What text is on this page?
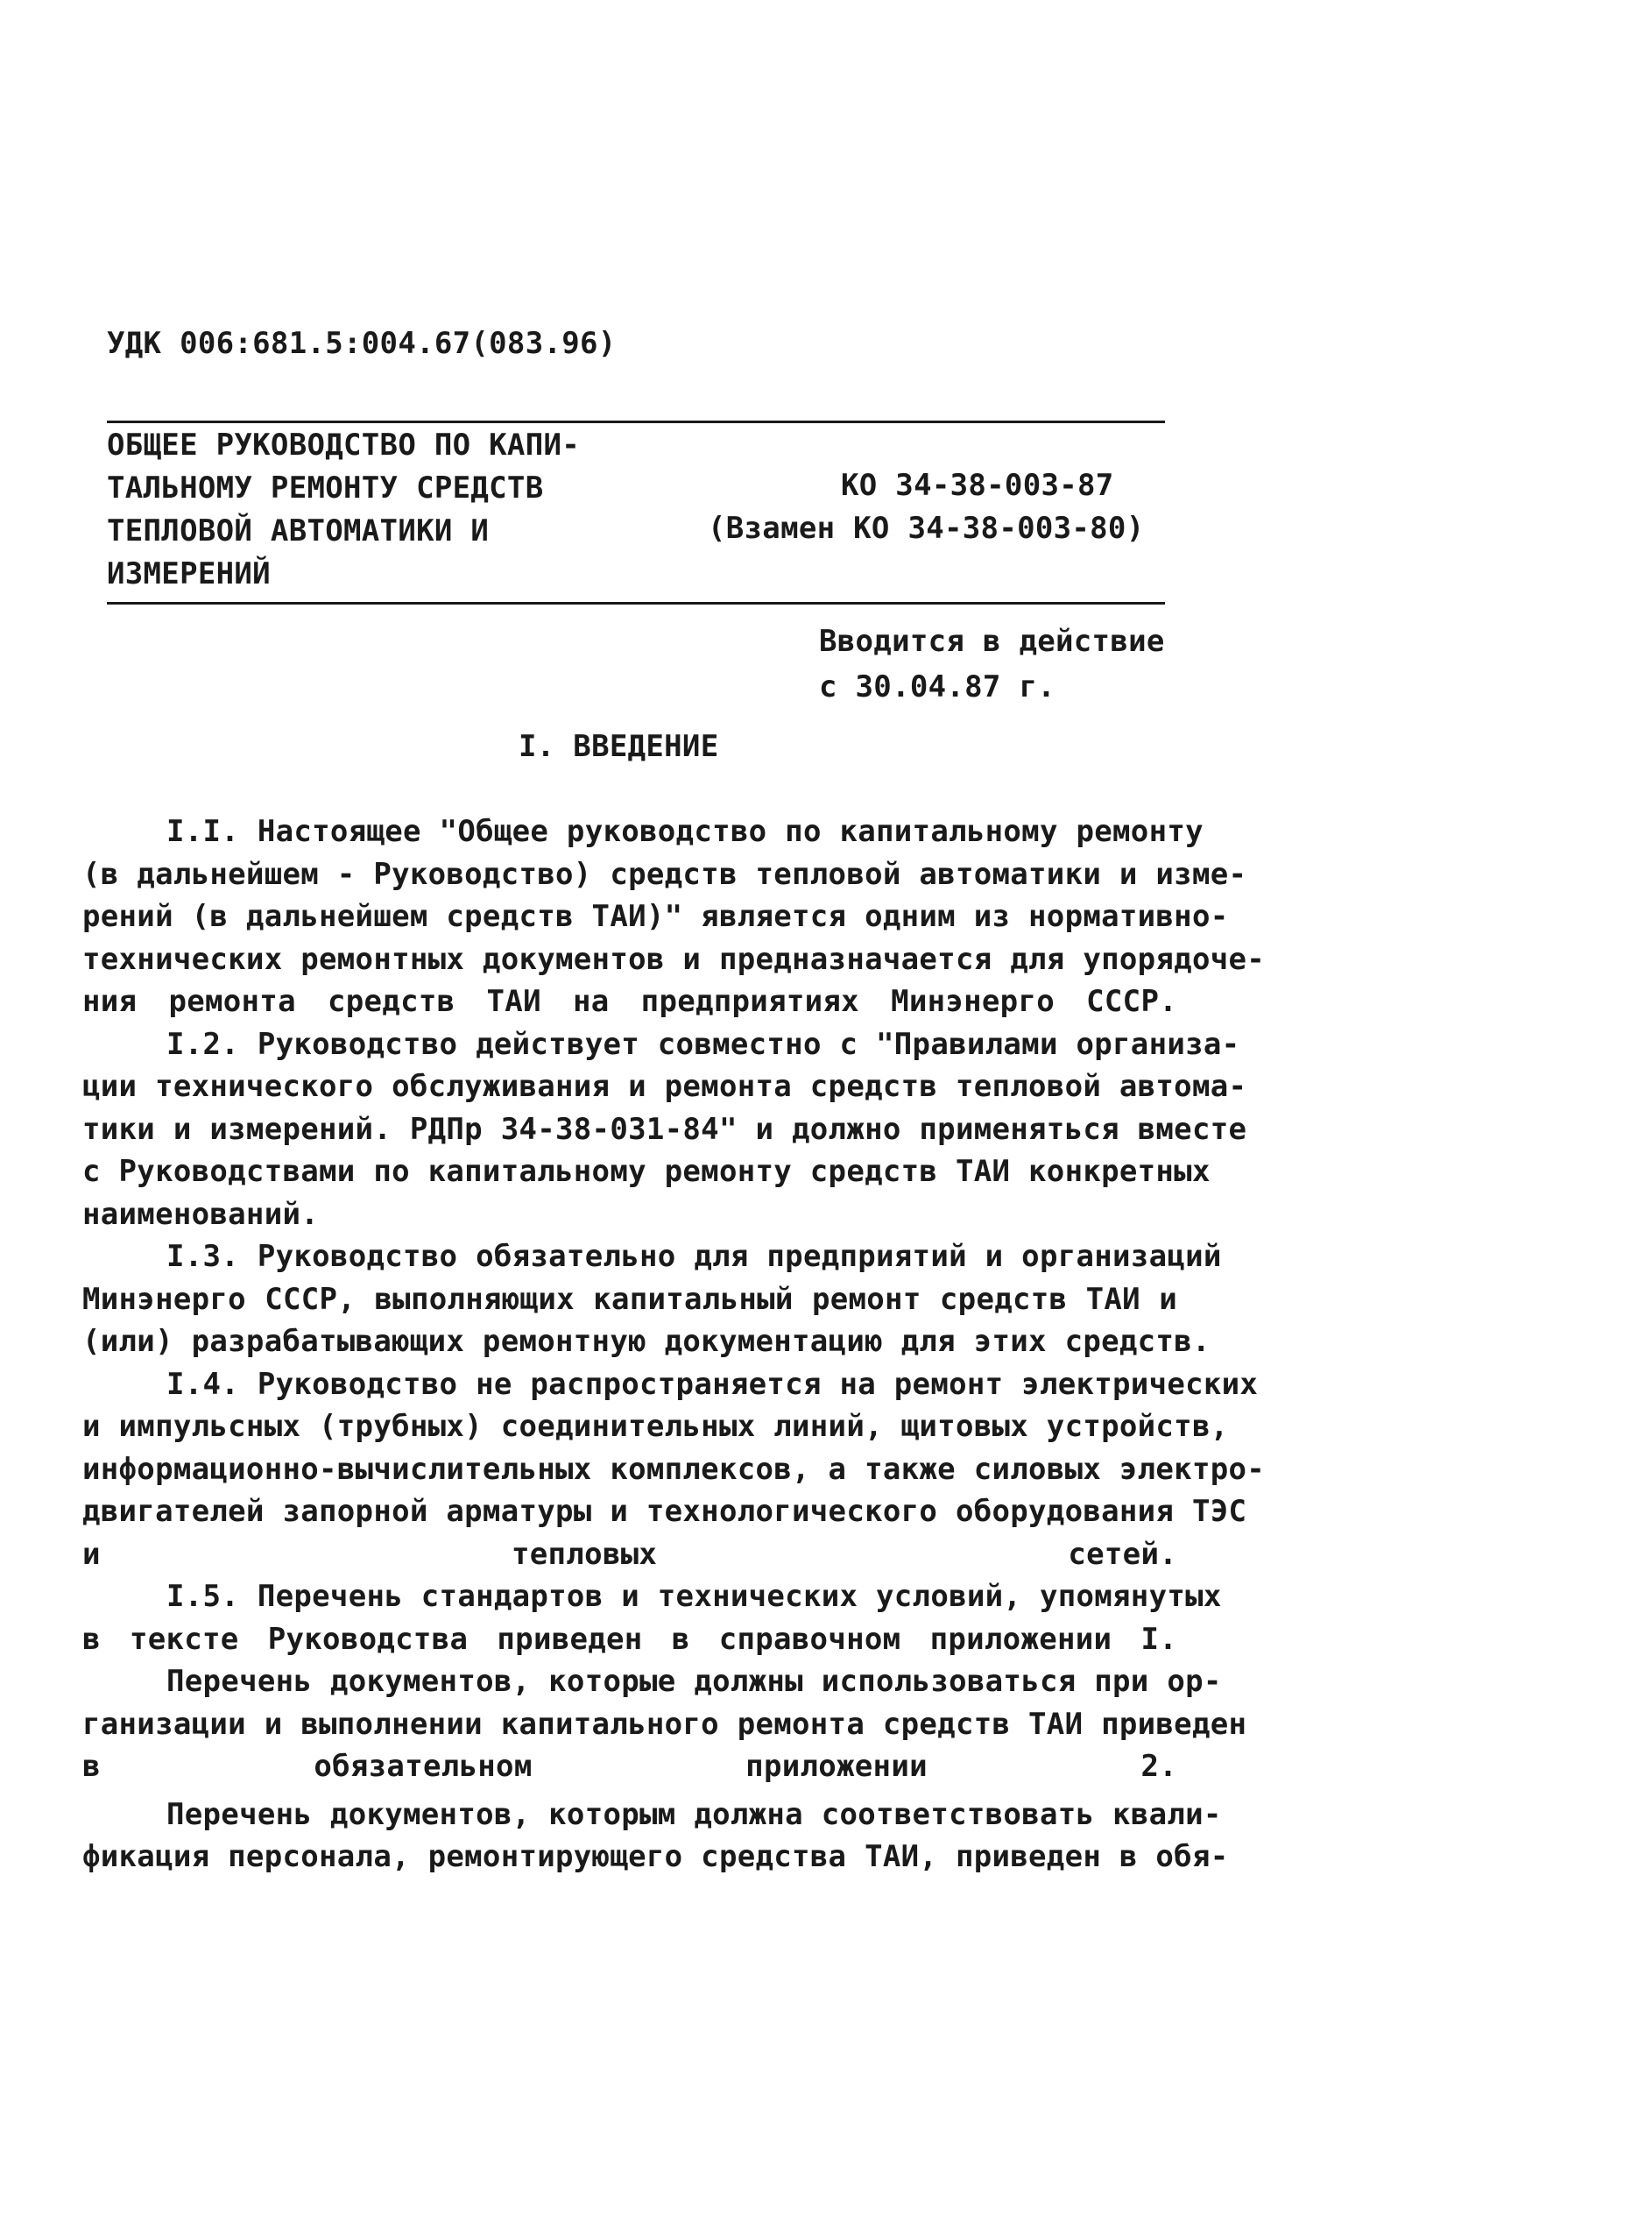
УДК 006:681.5:004.67(083.96)
ОБЩЕЕ РУКОВОДСТВО ПО КАПИ-
ТАЛЬНОМУ РЕМОНТУ СРЕДСТВ
ТЕПЛОВОЙ АВТОМАТИКИ И
ИЗМЕРЕНИЙ
КО 34-38-003-87
(Взамен КО 34-38-003-80)
Вводится в действие
с 30.04.87 г.
I. ВВЕДЕНИЕ
I.I. Настоящее "Общее руководство по капитальному ремонту
(в дальнейшем - Руководство) средств тепловой автоматики и изме-
рений (в дальнейшем средств ТАИ)" является одним из нормативно-
технических ремонтных документов и предназначается для упорядоче-
ния ремонта средств ТАИ на предприятиях Минэнерго СССР.
I.2. Руководство действует совместно с "Правилами организа-
ции технического обслуживания и ремонта средств тепловой автома-
тики и измерений. РДПр 34-38-031-84" и должно применяться вместе
с Руководствами по капитальному ремонту средств ТАИ конкретных
наименований.
I.3. Руководство обязательно для предприятий и организаций
Минэнерго СССР, выполняющих капитальный ремонт средств ТАИ и
(или) разрабатывающих ремонтную документацию для этих средств.
I.4. Руководство не распространяется на ремонт электрических
и импульсных (трубных) соединительных линий, щитовых устройств,
информационно-вычислительных комплексов, а также силовых электро-
двигателей запорной арматуры и технологического оборудования ТЭС
и тепловых сетей.
I.5. Перечень стандартов и технических условий, упомянутых
в тексте Руководства приведен в справочном приложении I.
Перечень документов, которые должны использоваться при ор-
ганизации и выполнении капитального ремонта средств ТАИ приведен
в обязательном приложении 2.
Перечень документов, которым должна соответствовать квали-
фикация персонала, ремонтирующего средства ТАИ, приведен в обя-
